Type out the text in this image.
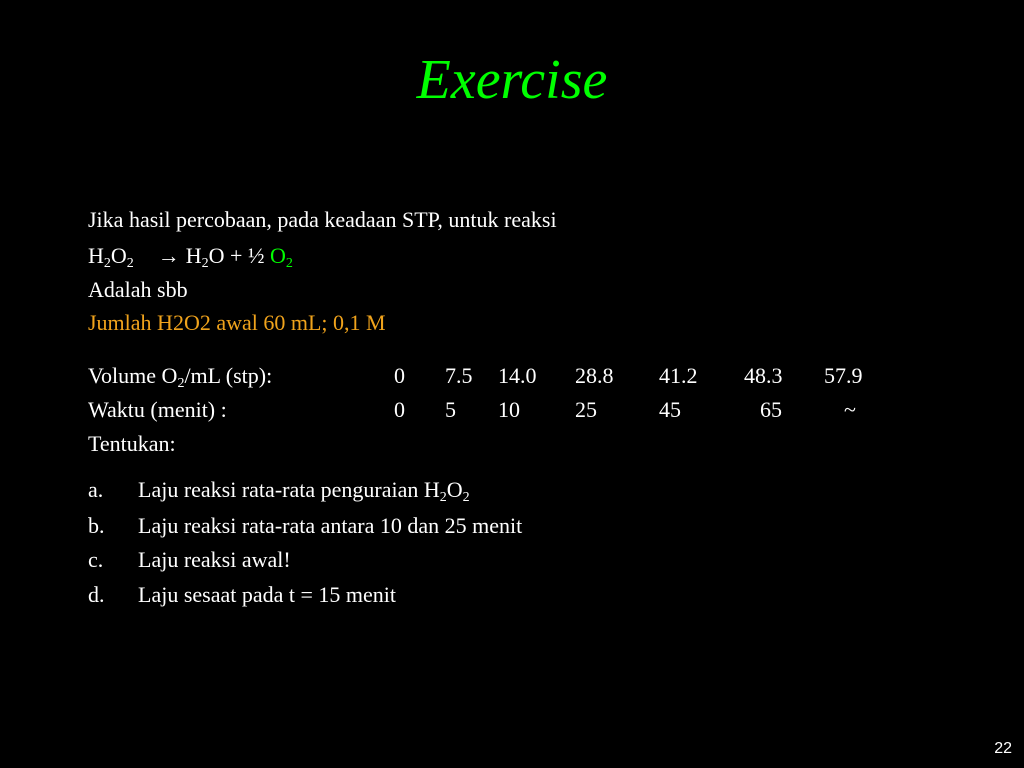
Exercise
Jika hasil percobaan, pada keadaan STP, untuk reaksi
$H_2O_2 \to H_2O$ + ½ $O_2$
Adalah sbb
Jumlah H2O2 awal 60 mL; 0,1 M
Volume $O_2/mL$ (stp):	0 7.5 14.0 28.8 41.2 48.3 57.9
Waktu (menit) :	0 5 10	25	45	65	~
Tentukan:
a. Laju reaksi rata-rata penguraian $H_2O_2$
b. Laju reaksi rata-rata antara 10 dan 25 menit
c. Laju reaksi awal!
d. Laju sesaat pada t = 15 menit
22
